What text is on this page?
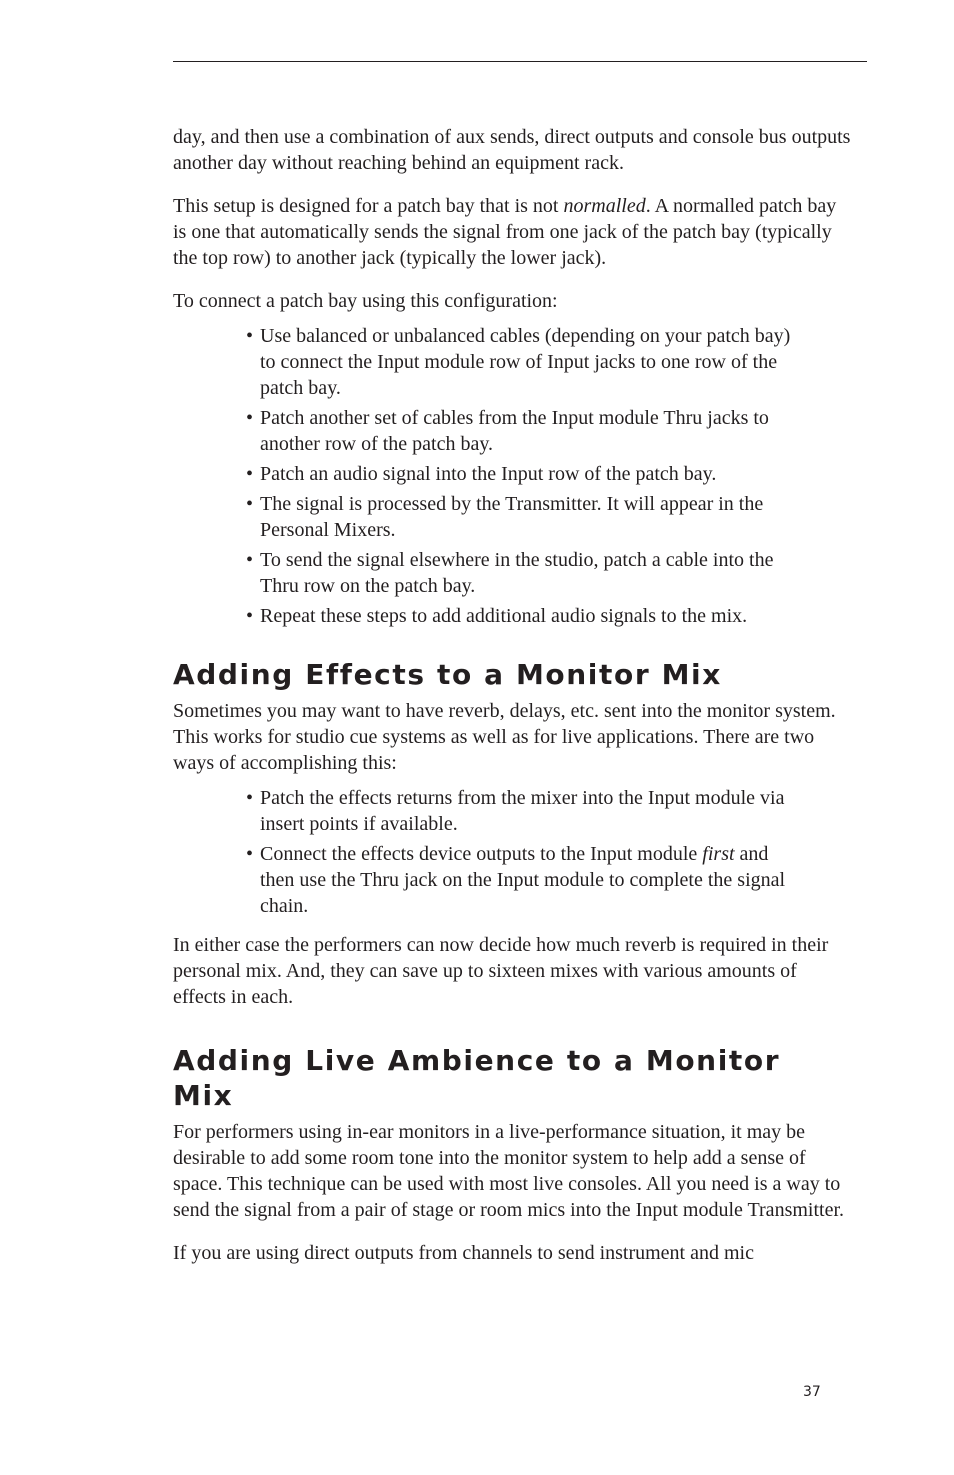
day, and then use a combination of aux sends, direct outputs and console bus outputs another day without reaching behind an equipment rack.

This setup is designed for a patch bay that is not normalled. A normalled patch bay is one that automatically sends the signal from one jack of the patch bay (typically the top row) to another jack (typically the lower jack).

To connect a patch bay using this configuration:

• Use balanced or unbalanced cables (depending on your patch bay) to connect the Input module row of Input jacks to one row of the patch bay.
• Patch another set of cables from the Input module Thru jacks to another row of the patch bay.
• Patch an audio signal into the Input row of the patch bay.
• The signal is processed by the Transmitter. It will appear in the Personal Mixers.
• To send the signal elsewhere in the studio, patch a cable into the Thru row on the patch bay.
• Repeat these steps to add additional audio signals to the mix.
Adding Effects to a Monitor Mix

Sometimes you may want to have reverb, delays, etc. sent into the monitor system. This works for studio cue systems as well as for live applications. There are two ways of accomplishing this:

• Patch the effects returns from the mixer into the Input module via insert points if available.
• Connect the effects device outputs to the Input module first and then use the Thru jack on the Input module to complete the signal chain.

In either case the performers can now decide how much reverb is required in their personal mix. And, they can save up to sixteen mixes with various amounts of effects in each.

Adding Live Ambience to a Monitor Mix

For performers using in-ear monitors in a live-performance situation, it may be desirable to add some room tone into the monitor system to help add a sense of space. This technique can be used with most live consoles. All you need is a way to send the signal from a pair of stage or room mics into the Input module Transmitter.

If you are using direct outputs from channels to send instrument and mic

37
